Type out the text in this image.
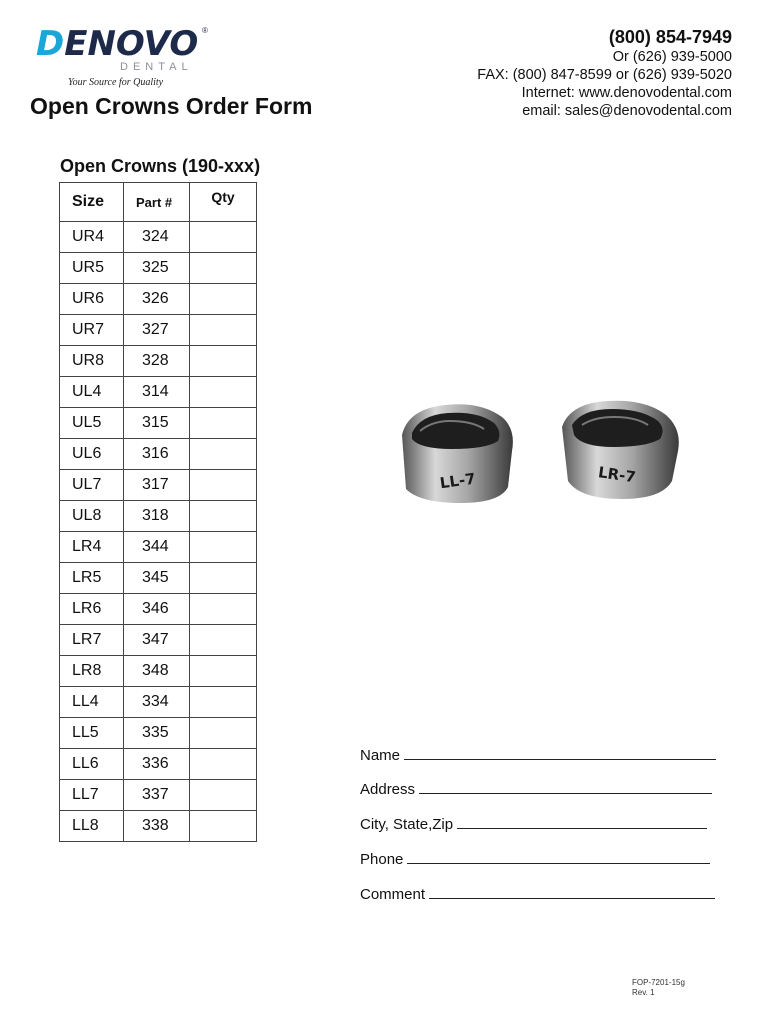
DENOVO ®
DENTAL
Your Source for Quality
Open Crowns Order Form
(800) 854-7949
Or (626) 939-5000
FAX: (800) 847-8599 or (626) 939-5020
Internet: www.denovodental.com
email: sales@denovodental.com
Open Crowns (190-xxx)
Size	Part #	Qty
UR4	324	
UR5	325	
UR6	326	
UR7	327	
UR8	328	
UL4	314	
UL5	315	
UL6	316	
UL7	317	
UL8	318	
LR4	344	
LR5	345	
LR6	346	
LR7	347	
LR8	348	
LL4	334	
LL5	335	
LL6	336	
LL7	337	
LL8	338	
LL-7	LR-7
Name
Address
City, State,Zip
Phone
Comment
FOP-7201-15g
Rev. 1
